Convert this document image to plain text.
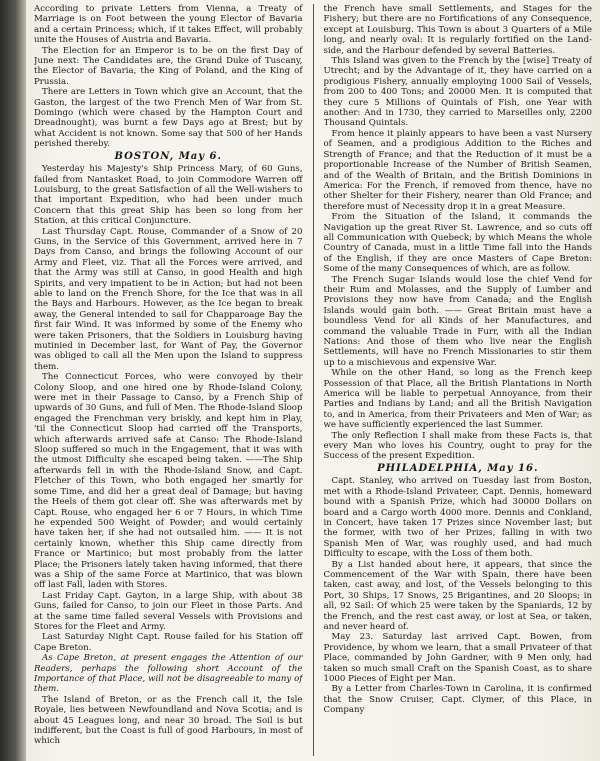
According to private Letters from Vienna, a Treaty of Marriage is on Foot between the young Elector of Bavaria and a certain Princess; which, if it takes Effect, will probably unite the Houses of Austria and Bavaria.

The Election for an Emperor is to be on the first Day of June next: The Candidates are, the Grand Duke of Tuscany, the Elector of Bavaria, the King of Poland, and the King of Prussia.

There are Letters in Town which give an Account, that the Gaston, the largest of the two French Men of War from St. Domingo (which were chased by the Hampton Court and Dreadnought), was burnt a few Days ago at Brest; but by what Accident is not known. Some say that 500 of her Hands perished thereby.

BOSTON, May 6.

Yesterday his Majesty's Ship Princess Mary, of 60 Guns, failed from Nantasket Road, to join Commodore Warren off Louisburg, to the great Satisfaction of all the Well-wishers to that important Expedition, who had been under much Concern that this great Ship has been so long from her Station, at this critical Conjuncture.

Last Thursday Capt. Rouse, Commander of a Snow of 20 Guns, in the Service of this Government, arrived here in 7 Days from Canso, and brings the following Account of our Army and Fleet, viz. That all the Forces were arrived, and that the Army was still at Canso, in good Health and high Spirits, and very impatient to be in Action; but had not been able to land on the French Shore, for the Ice that was in all the Bays and Harbours. However, as the Ice began to break away, the General intended to sail for Chapparoage Bay the first fair Wind. It was informed by some of the Enemy who were taken Prisoners, that the Soldiers in Louisburg having mutinied in December last, for Want of Pay, the Governor was obliged to call all the Men upon the Island to suppress them.

The Connecticut Forces, who were convoyed by their Colony Sloop, and one hired one by Rhode-Island Colony, were met in their Passage to Canso, by a French Ship of upwards of 30 Guns, and full of Men. The Rhode-Island Sloop engaged the Frenchman very briskly, and kept him in Play, 'til the Connecticut Sloop had carried off the Transports, which afterwards arrived safe at Canso: The Rhode-Island Sloop suffered so much in the Engagement, that it was with the utmost Difficulty she escaped being taken. ——The Ship afterwards fell in with the Rhode-Island Snow, and Capt. Fletcher of this Town, who both engaged her smartly for some Time, and did her a great deal of Damage; but having the Heels of them got clear off. She was afterwards met by Capt. Rouse, who engaged her 6 or 7 Hours, in which Time he expended 500 Weight of Powder; and would certainly have taken her, if she had not outsailed him. —— It is not certainly known, whether this Ship came directly from France or Martinico; but most probably from the latter Place; the Prisoners lately taken having informed, that there was a Ship of the same Force at Martinico, that was blown off last Fall, laden with Stores.

Last Friday Capt. Gayton, in a large Ship, with about 38 Guns, failed for Canso, to join our Fleet in those Parts. And at the same time failed several Vessels with Provisions and Stores for the Fleet and Army.

Last Saturday Night Capt. Rouse failed for his Station off Cape Breton.

As Cape Breton, at present engages the Attention of our Readers, perhaps the following short Account of the Importance of that Place, will not be disagreeable to many of them.

The Island of Breton, or as the French call it, the Isle Royale, lies between Newfoundland and Nova Scotia; and is about 45 Leagues long, and near 30 broad. The Soil is but indifferent, but the Coast is full of good Harbours, in most of which

the French have small Settlements, and Stages for the Fishery; but there are no Fortifications of any Consequence, except at Louisburg. This Town is about 3 Quarters of a Mile long, and nearly oval: It is regularly fortified on the Land-side, and the Harbour defended by several Batteries.

This Island was given to the French by the [wise] Treaty of Utrecht; and by the Advantage of it, they have carried on a prodigious Fishery, annually employing 1000 Sail of Vessels, from 200 to 400 Tons; and 20000 Men. It is computed that they cure 5 Millions of Quintals of Fish, one Year with another: And in 1730, they carried to Marseilles only, 2200 Thousand Quintals.

From hence it plainly appears to have been a vast Nursery of Seamen, and a prodigious Addition to the Riches and Strength of France; and that the Reduction of it must be a proportionable Increase of the Number of British Seamen, and of the Wealth of Britain, and the British Dominions in America: For the French, if removed from thence, have no other Shelter for their Fishery, nearer than Old France; and therefore must of Necessity drop it in a great Measure.

From the Situation of the Island, it commands the Navigation up the great River St. Lawrence, and so cuts off all Communication with Quebeck; by which Means the whole Country of Canada, must in a little Time fall into the Hands of the English, if they are once Masters of Cape Breton: Some of the many Consequences of which, are as follow.

The French Sugar Islands would lose the chief Vend for their Rum and Molasses, and the Supply of Lumber and Provisions they now have from Canada; and the English Islands would gain both. —— Great Britain must have a boundless Vend for all Kinds of her Manufactures, and command the valuable Trade in Furr, with all the Indian Nations: And those of them who live near the English Settlements, will have no French Missionaries to stir them up to a mischievous and expensive War.

While on the other Hand, so long as the French keep Possession of that Place, all the British Plantations in North America will be liable to perpetual Annoyance, from their Parties and Indians by Land; and all the British Navigation to, and in America, from their Privateers and Men of War; as we have sufficiently experienced the last Summer.

The only Reflection I shall make from these Facts is, that every Man who loves his Country, ought to pray for the Success of the present Expedition.

PHILADELPHIA, May 16.

Capt. Stanley, who arrived on Tuesday last from Boston, met with a Rhode-Island Privateer, Capt. Dennis, homeward bound with a Spanish Prize, which had 30000 Dollars on board and a Cargo worth 4000 more. Dennis and Conkland, in Concert, have taken 17 Prizes since November last; but the former, with two of her Prizes, falling in with two Spanish Men of War, was roughly used, and had much Difficulty to escape, with the Loss of them both.

By a List handed about here, it appears, that since the Commencement of the War with Spain, there have been taken, cast away, and lost, of the Vessels belonging to this Port, 30 Ships, 17 Snows, 25 Brigantines, and 20 Sloops; in all, 92 Sail: Of which 25 were taken by the Spaniards, 12 by the French, and the rest cast away, or lost at Sea, or taken, and never heard of.

May 23. Saturday last arrived Capt. Bowen, from Providence, by whom we learn, that a small Privateer of that Place, commanded by John Gardner, with 9 Men only, had taken so much small Craft on the Spanish Coast, as to share 1000 Pieces of Eight per Man.

By a Letter from Charles-Town in Carolina, it is confirmed that the Snow Cruiser, Capt. Clymer, of this Place, in Company
